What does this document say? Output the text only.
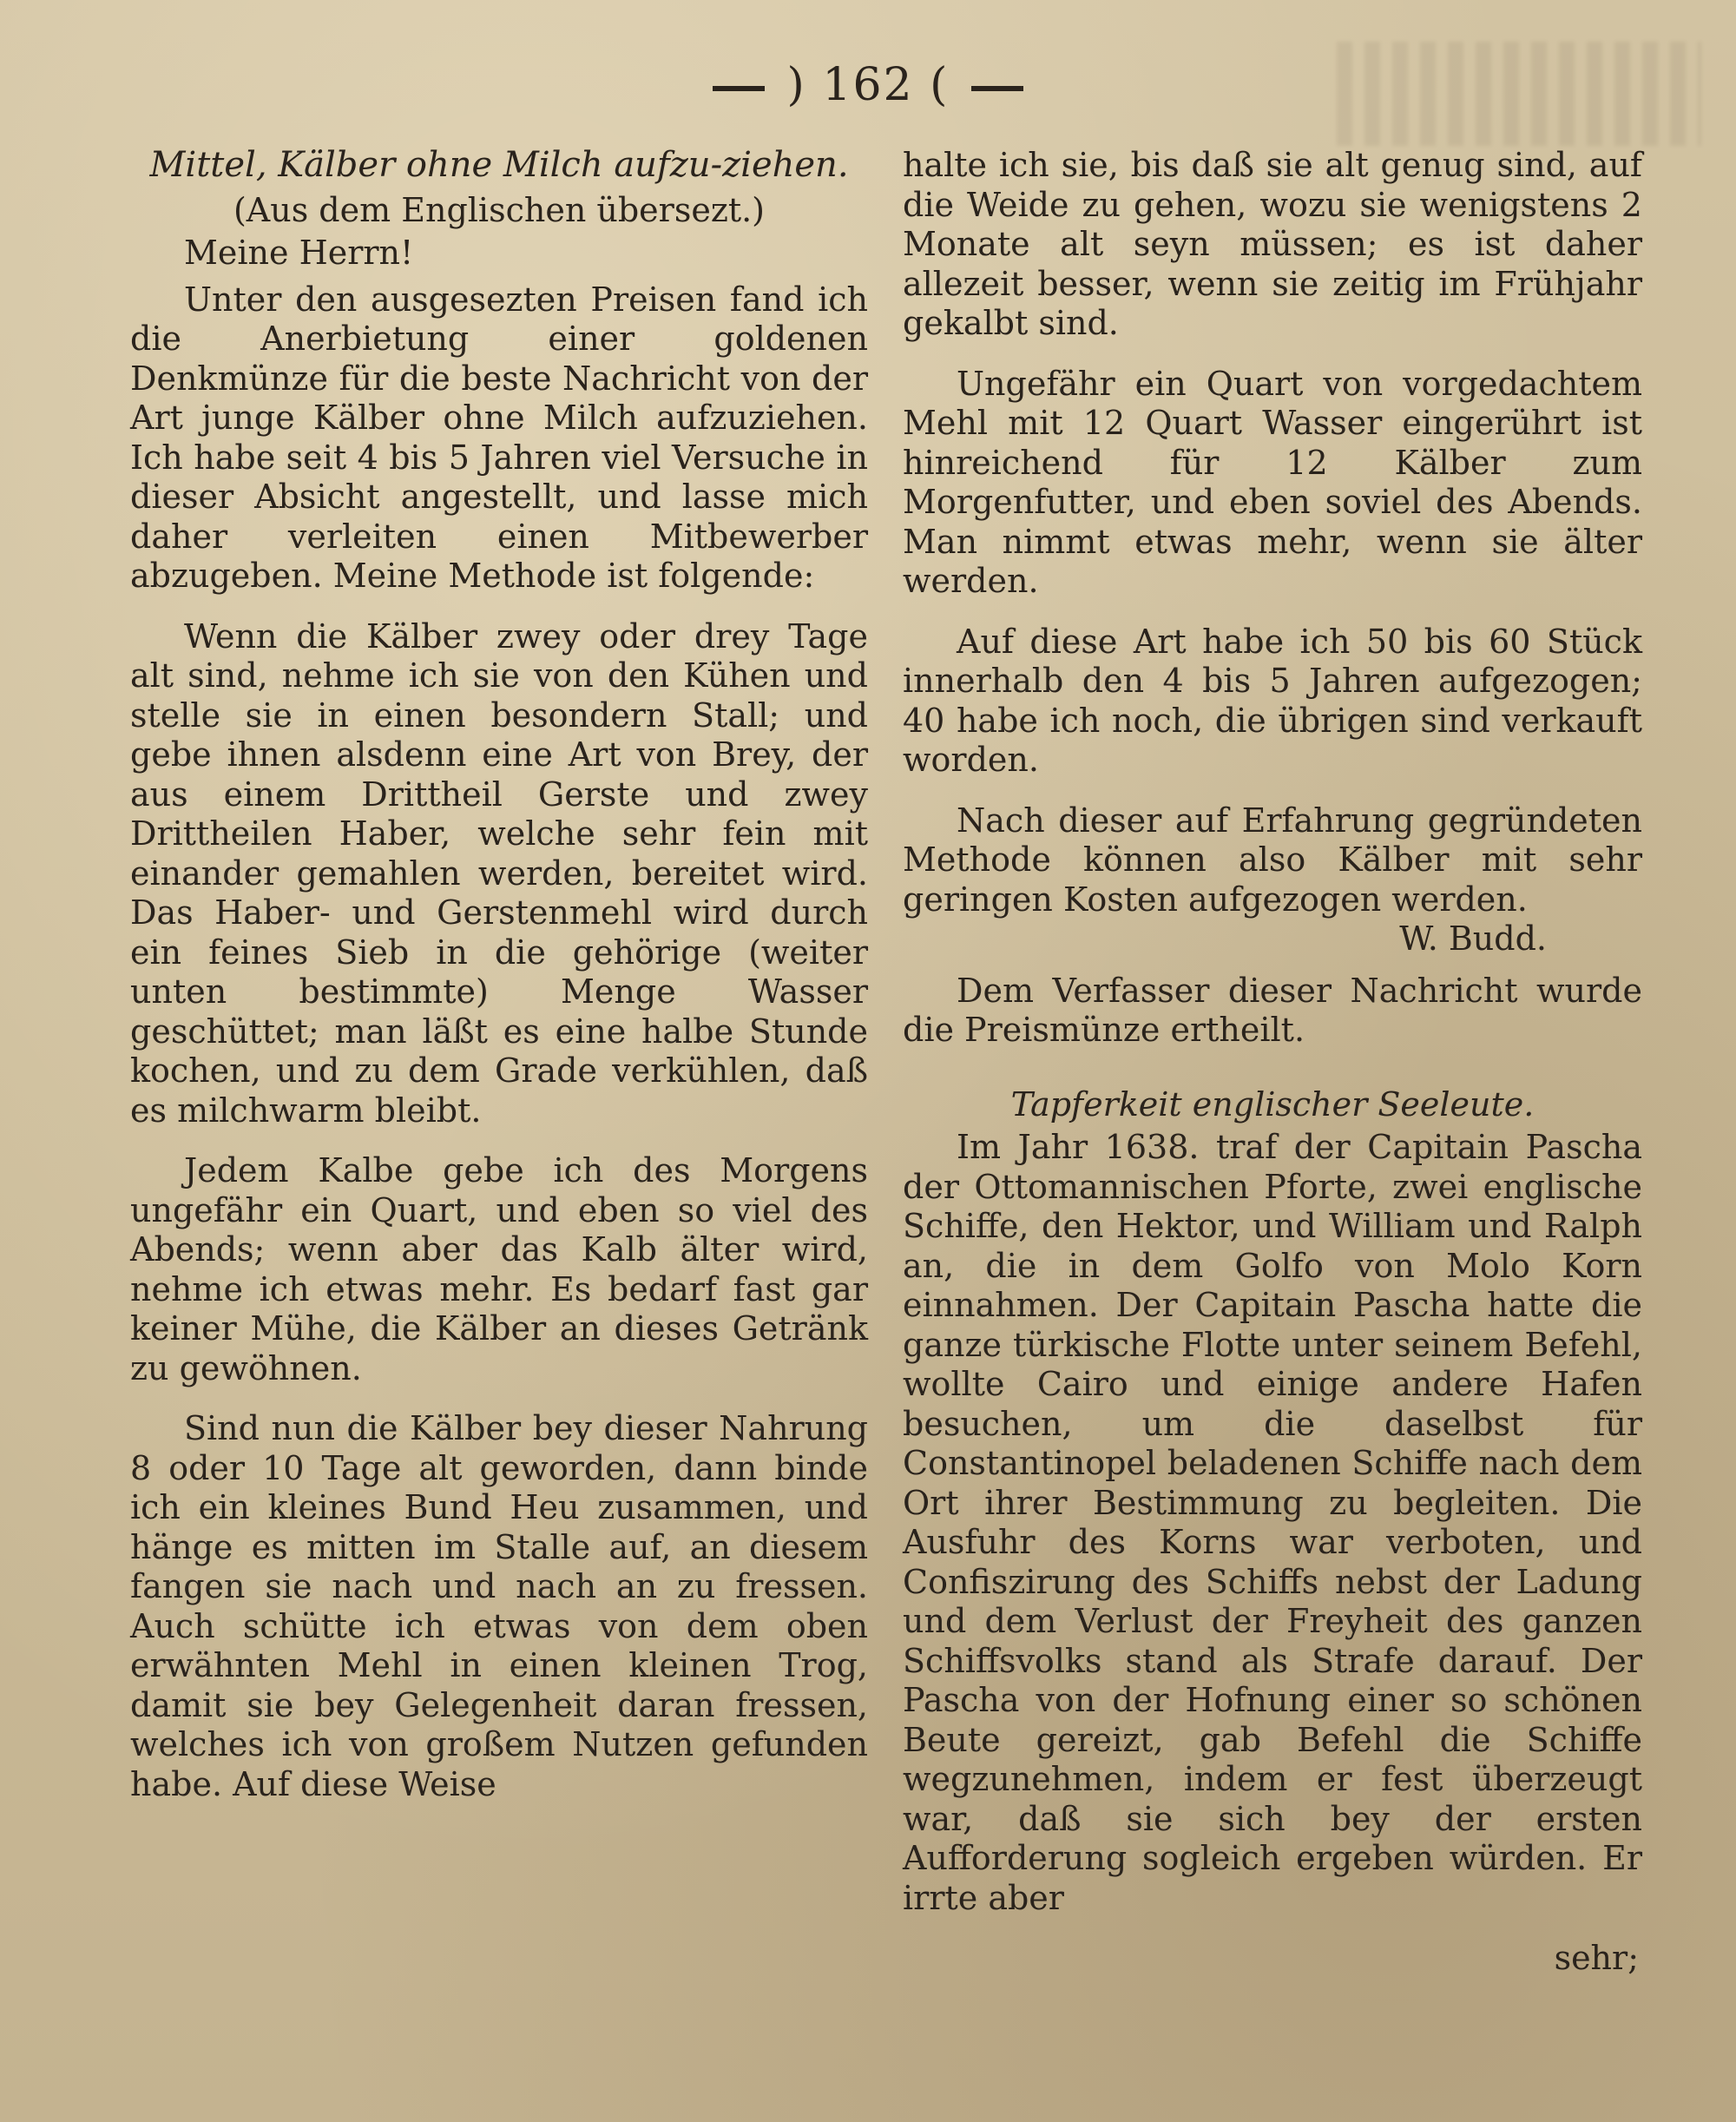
) 162 (

Mittel, Kälber ohne Milch aufzu-ziehen.

(Aus dem Englischen übersezt.)

Meine Herrn!

Unter den ausgesezten Preisen fand ich die Anerbietung einer goldenen Denkmünze für die beste Nachricht von der Art junge Kälber ohne Milch aufzuziehen. Ich habe seit 4 bis 5 Jahren viel Versuche in dieser Absicht angestellt, und lasse mich daher verleiten einen Mitbewerber abzugeben. Meine Methode ist folgende:

Wenn die Kälber zwey oder drey Tage alt sind, nehme ich sie von den Kühen und stelle sie in einen besondern Stall; und gebe ihnen alsdenn eine Art von Brey, der aus einem Drittheil Gerste und zwey Drittheilen Haber, welche sehr fein mit einander gemahlen werden, bereitet wird. Das Haber- und Gerstenmehl wird durch ein feines Sieb in die gehörige (weiter unten bestimmte) Menge Wasser geschüttet; man läßt es eine halbe Stunde kochen, und zu dem Grade verkühlen, daß es milchwarm bleibt.

Jedem Kalbe gebe ich des Morgens ungefähr ein Quart, und eben so viel des Abends; wenn aber das Kalb älter wird, nehme ich etwas mehr. Es bedarf fast gar keiner Mühe, die Kälber an dieses Getränk zu gewöhnen.

Sind nun die Kälber bey dieser Nahrung 8 oder 10 Tage alt geworden, dann binde ich ein kleines Bund Heu zusammen, und hänge es mitten im Stalle auf, an diesem fangen sie nach und nach an zu fressen. Auch schütte ich etwas von dem oben erwähnten Mehl in einen kleinen Trog, damit sie bey Gelegenheit daran fressen, welches ich von großem Nutzen gefunden habe. Auf diese Weise

halte ich sie, bis daß sie alt genug sind, auf die Weide zu gehen, wozu sie wenigstens 2 Monate alt seyn müssen; es ist daher allezeit besser, wenn sie zeitig im Frühjahr gekalbt sind.

Ungefähr ein Quart von vorgedachtem Mehl mit 12 Quart Wasser eingerührt ist hinreichend für 12 Kälber zum Morgenfutter, und eben soviel des Abends. Man nimmt etwas mehr, wenn sie älter werden.

Auf diese Art habe ich 50 bis 60 Stück innerhalb den 4 bis 5 Jahren aufgezogen; 40 habe ich noch, die übrigen sind verkauft worden.

Nach dieser auf Erfahrung gegründeten Methode können also Kälber mit sehr geringen Kosten aufgezogen werden.

W. Budd.

Dem Verfasser dieser Nachricht wurde die Preismünze ertheilt.

Tapferkeit englischer Seeleute.

Im Jahr 1638. traf der Capitain Pascha der Ottomannischen Pforte, zwei englische Schiffe, den Hektor, und William und Ralph an, die in dem Golfo von Molo Korn einnahmen. Der Capitain Pascha hatte die ganze türkische Flotte unter seinem Befehl, wollte Cairo und einige andere Hafen besuchen, um die daselbst für Constantinopel beladenen Schiffe nach dem Ort ihrer Bestimmung zu begleiten. Die Ausfuhr des Korns war verboten, und Confiszirung des Schiffs nebst der Ladung und dem Verlust der Freyheit des ganzen Schiffsvolks stand als Strafe darauf. Der Pascha von der Hofnung einer so schönen Beute gereizt, gab Befehl die Schiffe wegzunehmen, indem er fest überzeugt war, daß sie sich bey der ersten Aufforderung sogleich ergeben würden. Er irrte aber

sehr;
